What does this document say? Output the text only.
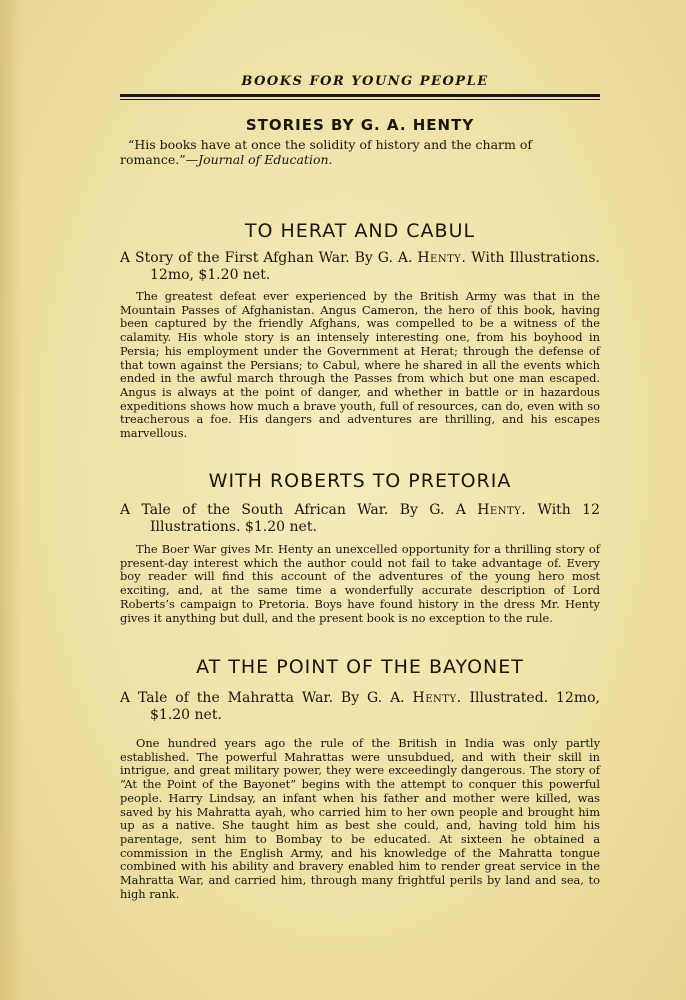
BOOKS FOR YOUNG PEOPLE
STORIES BY G. A. HENTY
“His books have at once the solidity of history and the charm of romance.”—Journal of Education.
TO HERAT AND CABUL
A Story of the First Afghan War. By G. A. Henty. With Illustrations. 12mo, $1.20 net.
The greatest defeat ever experienced by the British Army was that in the Mountain Passes of Afghanistan. Angus Cameron, the hero of this book, having been captured by the friendly Afghans, was compelled to be a witness of the calamity. His whole story is an intensely interesting one, from his boyhood in Persia; his employment under the Government at Herat; through the defense of that town against the Persians; to Cabul, where he shared in all the events which ended in the awful march through the Passes from which but one man escaped. Angus is always at the point of danger, and whether in battle or in hazardous expeditions shows how much a brave youth, full of resources, can do, even with so treacherous a foe. His dangers and adventures are thrilling, and his escapes marvellous.
WITH ROBERTS TO PRETORIA
A Tale of the South African War. By G. A Henty. With 12 Illustrations. $1.20 net.
The Boer War gives Mr. Henty an unexcelled opportunity for a thrilling story of present-day interest which the author could not fail to take advantage of. Every boy reader will find this account of the adventures of the young hero most exciting, and, at the same time a wonderfully accurate description of Lord Roberts’s campaign to Pretoria. Boys have found history in the dress Mr. Henty gives it anything but dull, and the present book is no exception to the rule.
AT THE POINT OF THE BAYONET
A Tale of the Mahratta War. By G. A. Henty. Illustrated. 12mo, $1.20 net.
One hundred years ago the rule of the British in India was only partly established. The powerful Mahrattas were unsubdued, and with their skill in intrigue, and great military power, they were exceedingly dangerous. The story of “At the Point of the Bayonet” begins with the attempt to conquer this powerful people. Harry Lindsay, an infant when his father and mother were killed, was saved by his Mahratta ayah, who carried him to her own people and brought him up as a native. She taught him as best she could, and, having told him his parentage, sent him to Bombay to be educated. At sixteen he obtained a commission in the English Army, and his knowledge of the Mahratta tongue combined with his ability and bravery enabled him to render great service in the Mahratta War, and carried him, through many frightful perils by land and sea, to high rank.
